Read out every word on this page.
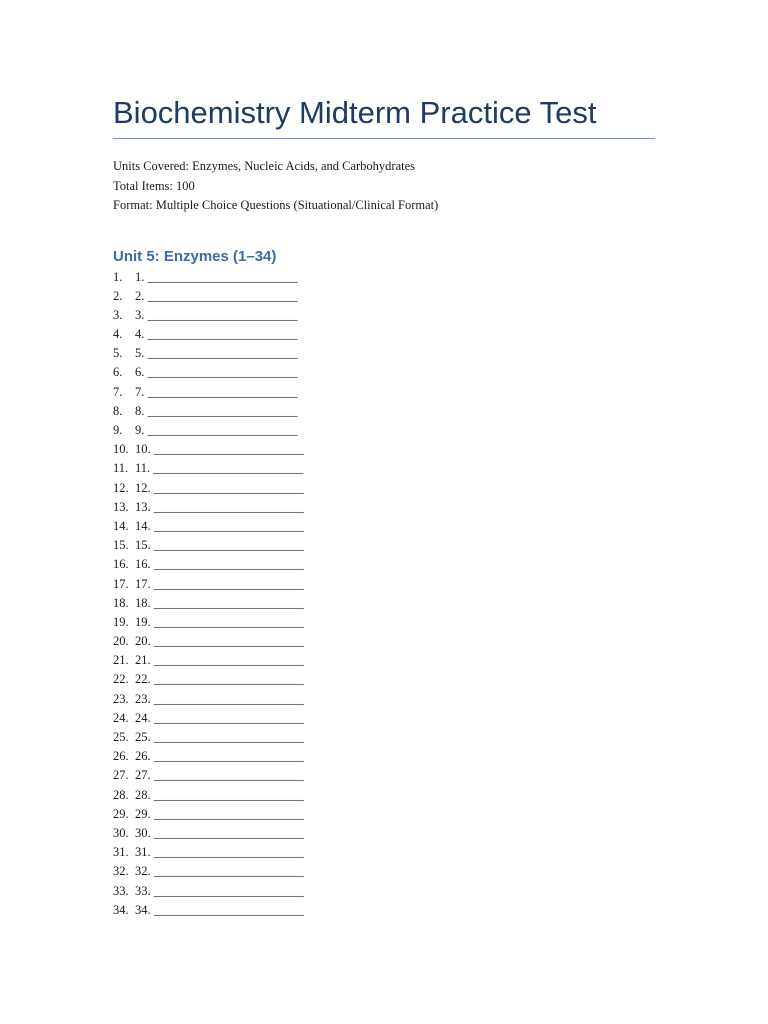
Biochemistry Midterm Practice Test
Units Covered: Enzymes, Nucleic Acids, and Carbohydrates
Total Items: 100
Format: Multiple Choice Questions (Situational/Clinical Format)
Unit 5: Enzymes (1–34)
1.	1. ________________________
2.	2. ________________________
3.	3. ________________________
4.	4. ________________________
5.	5. ________________________
6.	6. ________________________
7.	7. ________________________
8.	8. ________________________
9.	9. ________________________
10. 10. ________________________
11. 11. ________________________
12. 12. ________________________
13. 13. ________________________
14. 14. ________________________
15. 15. ________________________
16. 16. ________________________
17. 17. ________________________
18. 18. ________________________
19. 19. ________________________
20. 20. ________________________
21. 21. ________________________
22. 22. ________________________
23. 23. ________________________
24. 24. ________________________
25. 25. ________________________
26. 26. ________________________
27. 27. ________________________
28. 28. ________________________
29. 29. ________________________
30. 30. ________________________
31. 31. ________________________
32. 32. ________________________
33. 33. ________________________
34. 34. ________________________
